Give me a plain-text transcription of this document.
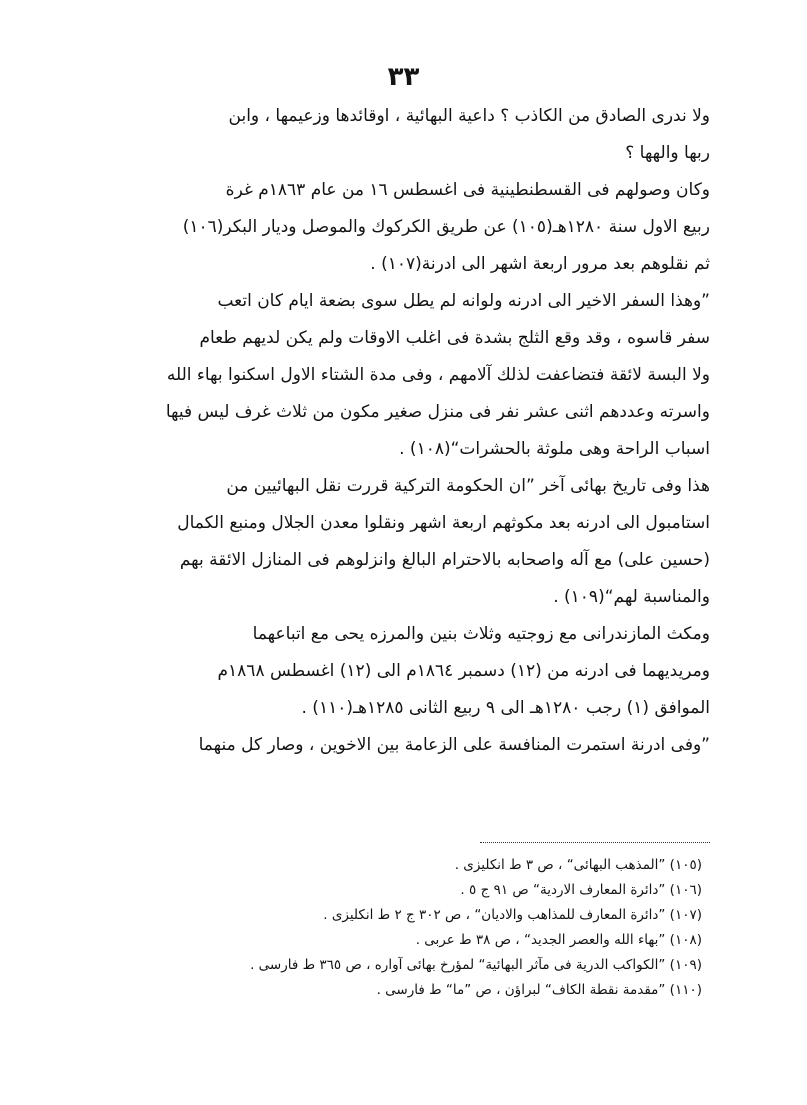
٣٣

ولا ندرى الصادق من الكاذب ؟ داعية البهائية ، اوقائدها وزعيمها ، وابن
ربها والهها ؟

وكان وصولهم فى القسطنطينية فى اغسطس ١٦ من عام ١٨٦٣م غرة
ربيع الاول سنة ١٢٨٠هـ(١٠٥) عن طريق الكركوك والموصل وديار البكر(١٠٦)
ثم نقلوهم بعد مرور اربعة اشهر الى ادرنة(١٠٧) .

”وهذا السفر الاخير الى ادرنه ولوانه لم يطل سوى بضعة ايام كان اتعب
سفر قاسوه ، وقد وقع الثلج بشدة فى اغلب الاوقات ولم يكن لديهم طعام
ولا البسة لائقة فتضاعفت لذلك آلامهم ، وفى مدة الشتاء الاول اسكنوا بهاء الله
واسرته وعددهم اثنى عشر نفر فى منزل صغير مكون من ثلاث غرف ليس فيها
اسباب الراحة وهى ملوثة بالحشرات“(١٠٨) .

هذا وفى تاريخ بهائى آخر ”ان الحكومة التركية قررت نقل البهائيين من
استامبول الى ادرنه بعد مكوثهم اربعة اشهر ونقلوا معدن الجلال ومنبع الكمال
(حسين على) مع آله واصحابه بالاحترام البالغ وانزلوهم فى المنازل الائقة بهم
والمناسبة لهم“(١٠٩) .

ومكث المازندرانى مع زوجتيه وثلاث بنين والمرزه يحى مع اتباعهما
ومريديهما فى ادرنه من (١٢) دسمبر ١٨٦٤م الى (١٢) اغسطس ١٨٦٨م
الموافق (١) رجب ١٢٨٠هـ الى ٩ ربيع الثانى ١٢٨٥هـ(١١٠) .

”وفى ادرنة استمرت المنافسة على الزعامة بين الاخوين ، وصار كل منهما

(١٠٥) ”المذهب البهائى“ ، ص ٣ ط انكليزى .
(١٠٦) ”دائرة المعارف الاردية“ ص ٩١ ج ٥ .
(١٠٧) ”دائرة المعارف للمذاهب والاديان“ ، ص ٣٠٢ ج ٢ ط انكليزى .
(١٠٨) ”بهاء الله والعصر الجديد“ ، ص ٣٨ ط عربى .
(١٠٩) ”الكواكب الدرية فى مآثر البهائية“ لمؤرخ بهائى آواره ، ص ٣٦٥ ط فارسى .
(١١٠) ”مقدمة نقطة الكاف“ لبراؤن ، ص ”ما“ ط فارسى .
